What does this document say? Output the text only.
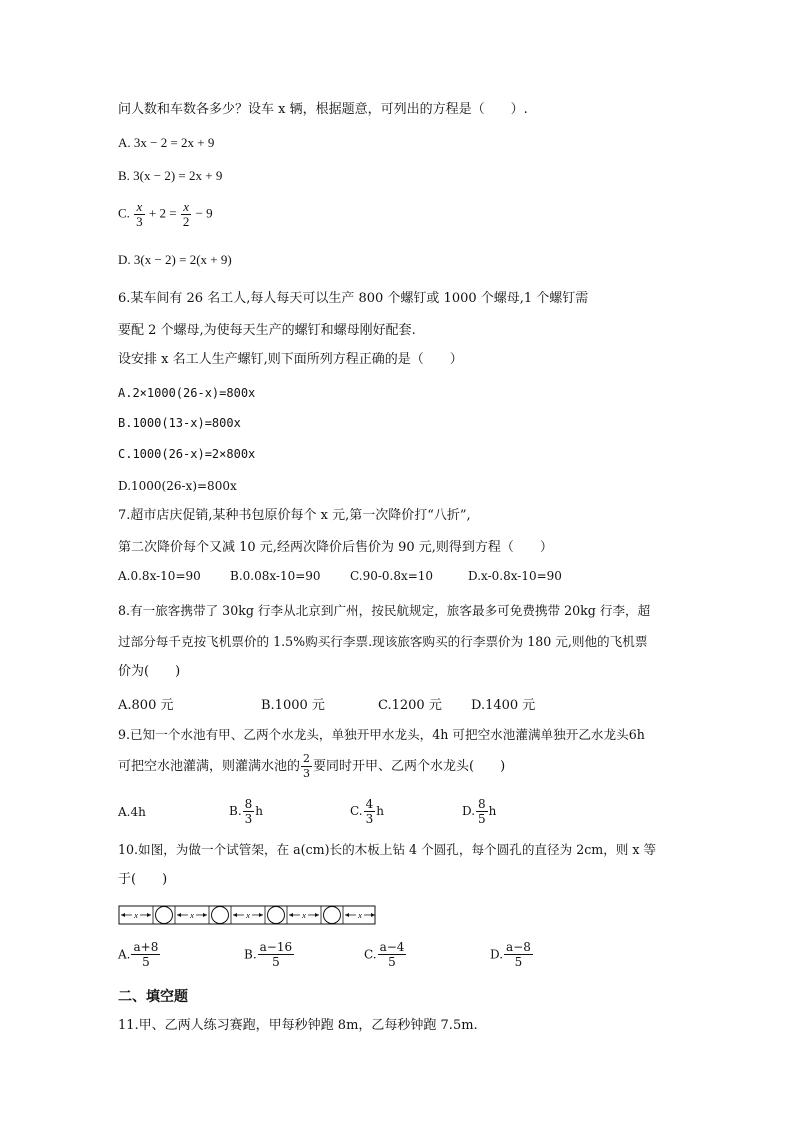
问人数和车数各多少？设车 x 辆，根据题意，可列出的方程是（　　）.
A. 3x − 2 = 2x + 9
B. 3(x − 2) = 2x + 9
C. $\frac{x}{3} + 2 = \frac{x}{2} - 9$
D. 3(x − 2) = 2(x + 9)
6.某车间有 26 名工人,每人每天可以生产 800 个螺钉或 1000 个螺母,1 个螺钉需
要配 2 个螺母,为使每天生产的螺钉和螺母刚好配套.
设安排 x 名工人生产螺钉,则下面所列方程正确的是（　　）
A.2×1000(26-x)=800x
B.1000(13-x)=800x
C.1000(26-x)=2×800x
D.1000(26-x)=800x
7.超市店庆促销,某种书包原价每个 x 元,第一次降价打“八折”,
第二次降价每个又减 10 元,经两次降价后售价为 90 元,则得到方程（　　）
A.0.8x-10=90 B.0.08x-10=90 C.90-0.8x=10	D.x-0.8x-10=90
8.有一旅客携带了 30kg 行李从北京到广州，按民航规定，旅客最多可免费携带 20kg 行李，超
过部分每千克按飞机票价的 1.5%购买行李票.现该旅客购买的行李票价为 180 元,则他的飞机票
价为(　　)
A.800 元	B.1000 元	C.1200 元 D.1400 元
9.已知一个水池有甲、乙两个水龙头，单独开甲水龙头，4h 可把空水池灌满单独开乙水龙头6h
可把空水池灌满，则灌满水池的 $\frac{2}{3}$ 要同时开甲、乙两个水龙头(　　)
A.4h	B. $\frac{8}{3}$ h	C. $\frac{4}{3}$ h	D. $\frac{8}{5}$ h
10.如图，为做一个试管架，在 a(cm)长的木板上钻 4 个圆孔，每个圆孔的直径为 2cm，则 x 等
于(　　)
x	x	x	x	x
A. $\frac{a+8}{5}$	B. $\frac{a-16}{5}$	C. $\frac{a-4}{5}$	D. $\frac{a-8}{5}$
二、填空题
11.甲、乙两人练习赛跑，甲每秒钟跑 8m，乙每秒钟跑 7.5m.
